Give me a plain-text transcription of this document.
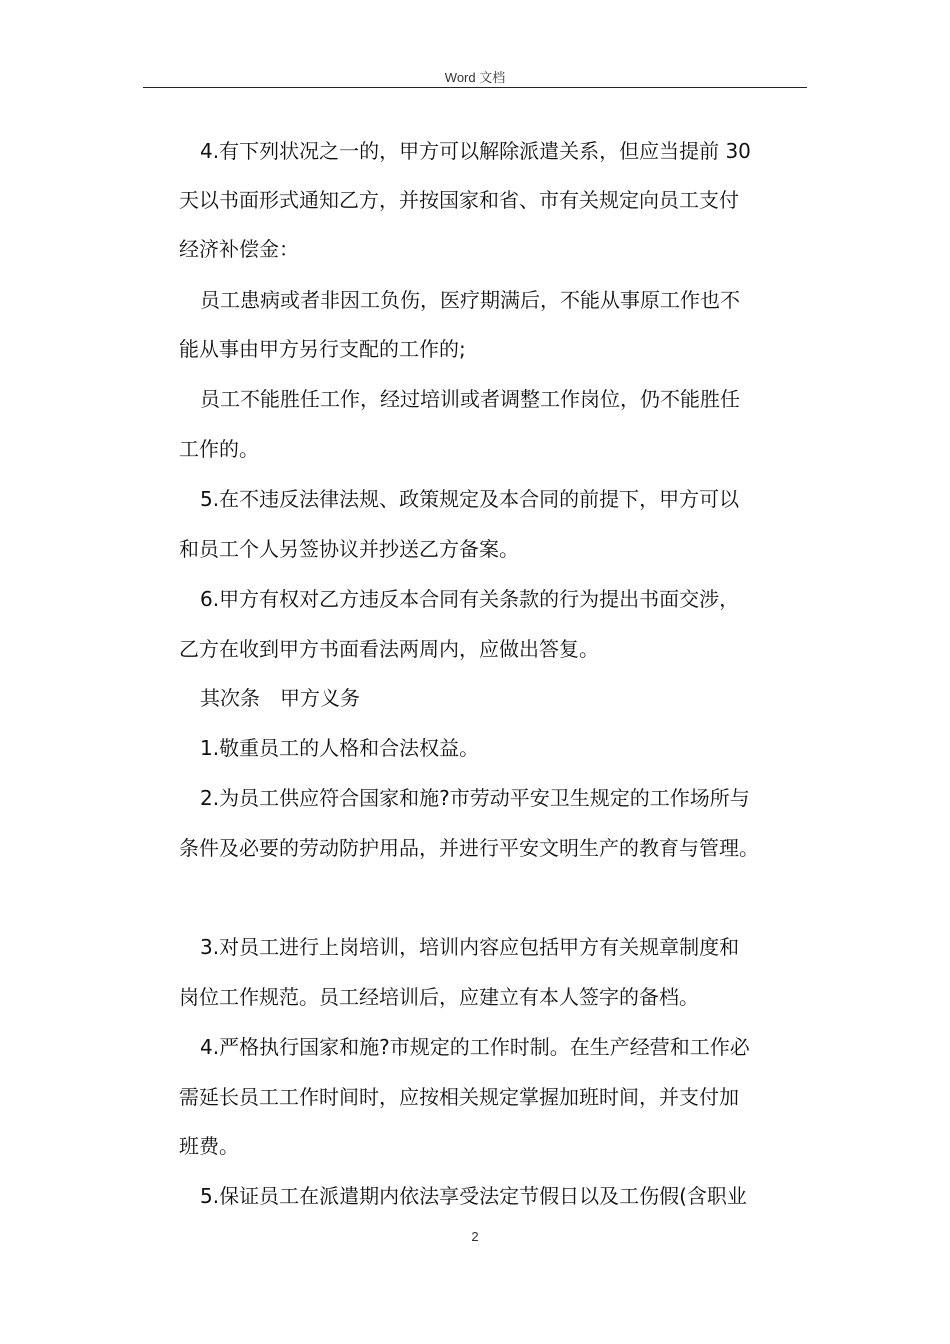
Word 文档
4.有下列状况之一的，甲方可以解除派遣关系，但应当提前 30
天以书面形式通知乙方，并按国家和省、市有关规定向员工支付
经济补偿金：
员工患病或者非因工负伤，医疗期满后，不能从事原工作也不
能从事由甲方另行支配的工作的;
员工不能胜任工作，经过培训或者调整工作岗位，仍不能胜任
工作的。
5.在不违反法律法规、政策规定及本合同的前提下，甲方可以
和员工个人另签协议并抄送乙方备案。
6.甲方有权对乙方违反本合同有关条款的行为提出书面交涉，
乙方在收到甲方书面看法两周内，应做出答复。
其次条　甲方义务
1.敬重员工的人格和合法权益。
2.为员工供应符合国家和施?市劳动平安卫生规定的工作场所与
条件及必要的劳动防护用品，并进行平安文明生产的教育与管理。
3.对员工进行上岗培训，培训内容应包括甲方有关规章制度和
岗位工作规范。员工经培训后，应建立有本人签字的备档。
4.严格执行国家和施?市规定的工作时制。在生产经营和工作必
需延长员工工作时间时，应按相关规定掌握加班时间，并支付加
班费。
5.保证员工在派遣期内依法享受法定节假日以及工伤假(含职业
2
